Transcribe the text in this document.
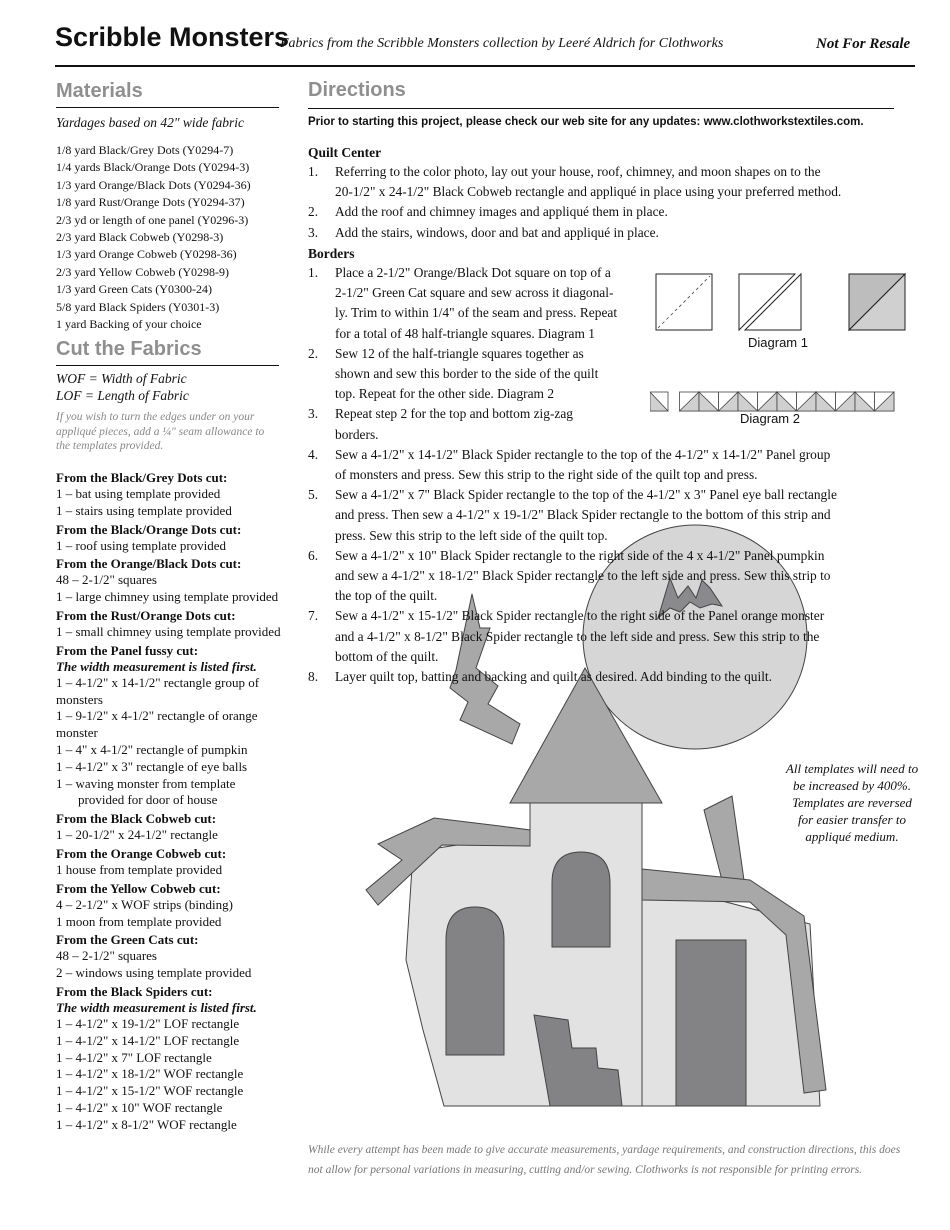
Scribble Monsters
Fabrics from the Scribble Monsters collection by Leeré Aldrich for Clothworks	Not For Resale
Materials
Yardages based on 42" wide fabric
1/8 yard Black/Grey Dots (Y0294-7)
1/4 yards Black/Orange Dots (Y0294-3)
1/3 yard Orange/Black Dots (Y0294-36)
1/8 yard Rust/Orange Dots (Y0294-37)
2/3 yd or length of one panel (Y0296-3)
2/3 yard Black Cobweb (Y0298-3)
1/3 yard Orange Cobweb (Y0298-36)
2/3 yard Yellow Cobweb (Y0298-9)
1/3 yard Green Cats (Y0300-24)
5/8 yard Black Spiders (Y0301-3)
1 yard Backing of your choice
Cut the Fabrics
WOF = Width of Fabric
LOF = Length of Fabric
If you wish to turn the edges under on your appliqué pieces, add a ¼" seam allowance to the templates provided.
From the Black/Grey Dots cut:
1 – bat using template provided
1 – stairs using template provided
From the Black/Orange Dots cut:
1 – roof using template provided
From the Orange/Black Dots cut:
48 – 2-1/2" squares
1 – large chimney using template provided
From the Rust/Orange Dots cut:
1 – small chimney using template provided
From the Panel fussy cut:
The width measurement is listed first.
1 – 4-1/2" x 14-1/2" rectangle group of monsters
1 – 9-1/2" x 4-1/2" rectangle of orange monster
1 – 4" x 4-1/2" rectangle of pumpkin
1 – 4-1/2" x 3" rectangle of eye balls
1 – waving monster from template
provided for door of house
From the Black Cobweb cut:
1 – 20-1/2" x 24-1/2" rectangle
From the Orange Cobweb cut:
1 house from template provided
From the Yellow Cobweb cut:
4 – 2-1/2" x WOF strips (binding)
1 moon from template provided
From the Green Cats cut:
48 – 2-1/2" squares
2 – windows using template provided
From the Black Spiders cut:
The width measurement is listed first.
1 – 4-1/2" x 19-1/2" LOF rectangle
1 – 4-1/2" x 14-1/2" LOF rectangle
1 – 4-1/2" x 7" LOF rectangle
1 – 4-1/2" x 18-1/2" WOF rectangle
1 – 4-1/2" x 15-1/2" WOF rectangle
1 – 4-1/2" x 10" WOF rectangle
1 – 4-1/2" x 8-1/2" WOF rectangle
Directions
Prior to starting this project, please check our web site for any updates: www.clothworkstextiles.com.
Quilt Center
1. Referring to the color photo, lay out your house, roof, chimney, and moon shapes on to the
20-1/2" x 24-1/2" Black Cobweb rectangle and appliqué in place using your preferred method.
2. Add the roof and chimney images and appliqué them in place.
3. Add the stairs, windows, door and bat and appliqué in place.
Borders
1. Place a 2-1/2" Orange/Black Dot square on top of a
2-1/2" Green Cat square and sew across it diagonal-
ly. Trim to within 1/4" of the seam and press. Repeat
for a total of 48 half-triangle squares. Diagram 1
2. Sew 12 of the half-triangle squares together as
shown and sew this border to the side of the quilt
top. Repeat for the other side. Diagram 2
3. Repeat step 2 for the top and bottom zig-zag
borders.
4. Sew a 4-1/2" x 14-1/2" Black Spider rectangle to the top of the 4-1/2" x 14-1/2" Panel group
of monsters and press. Sew this strip to the right side of the quilt top and press.
5. Sew a 4-1/2" x 7" Black Spider rectangle to the top of the 4-1/2" x 3" Panel eye ball rectangle
and press. Then sew a 4-1/2" x 19-1/2" Black Spider rectangle to the bottom of this strip and
press. Sew this strip to the left side of the quilt top.
6. Sew a 4-1/2" x 10" Black Spider rectangle to the right side of the 4 x 4-1/2" Panel pumpkin
and sew a 4-1/2" x 18-1/2" Black Spider rectangle to the left side and press. Sew this strip to
the top of the quilt.
7. Sew a 4-1/2" x 15-1/2" Black Spider rectangle to the right side of the Panel orange monster
and a 4-1/2" x 8-1/2" Black Spider rectangle to the left side and press. Sew this strip to the
bottom of the quilt.
8. Layer quilt top, batting and backing and quilt as desired. Add binding to the quilt.
Diagram 1
Diagram 2
All templates will need to be increased by 400%. Templates are reversed for easier transfer to appliqué medium.
While every attempt has been made to give accurate measurements, yardage requirements, and construction directions, this does not allow for personal variations in measuring, cutting and/or sewing. Clothworks is not responsible for printing errors.
